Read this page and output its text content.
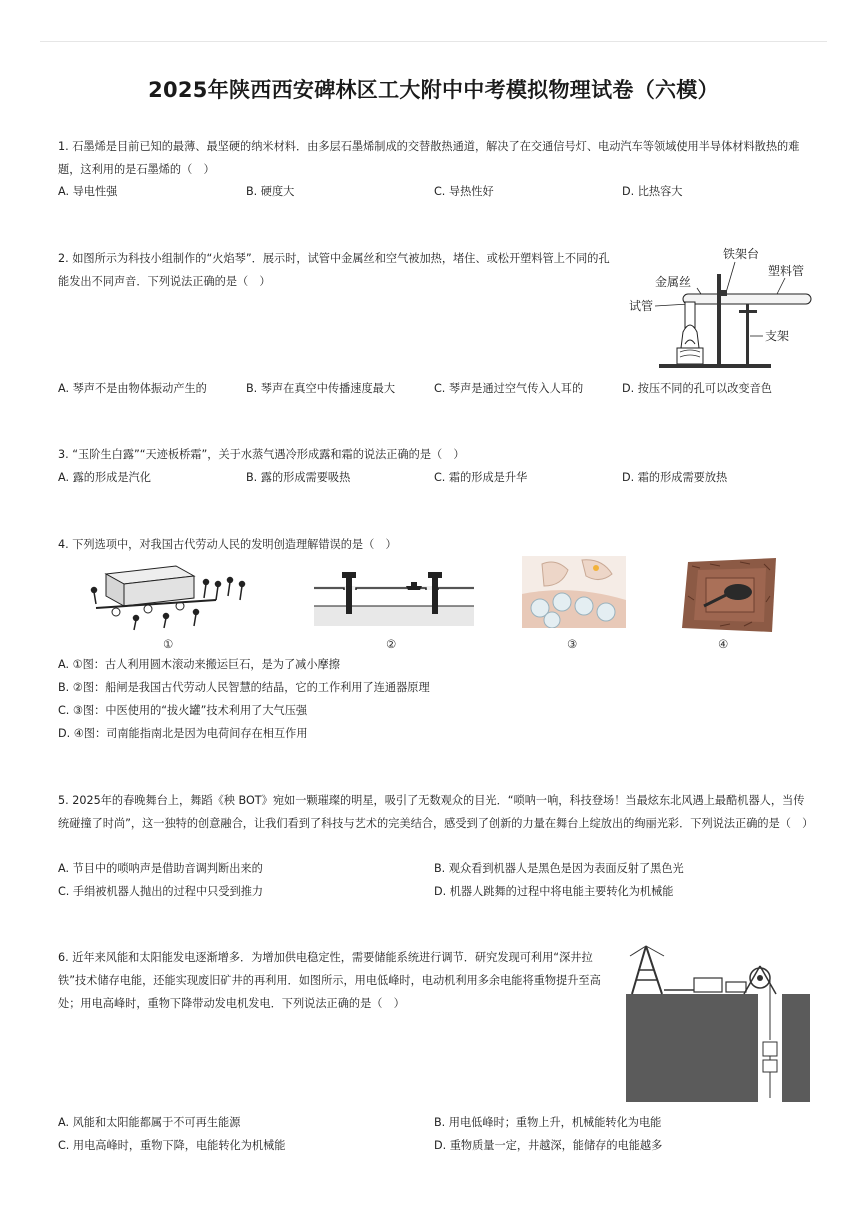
2025年陕西西安碑林区工大附中中考模拟物理试卷（六模）
1. 石墨烯是目前已知的最薄、最坚硬的纳米材料．由多层石墨烯制成的交替散热通道，解决了在交通信号灯、电动汽车等领域使用半导体材料散热的难题，这利用的是石墨烯的（　）
A. 导电性强	B. 硬度大	C. 导热性好	D. 比热容大
2. 如图所示为科技小组制作的“火焰琴”．展示时，试管中金属丝和空气被加热，堵住、或松开塑料管上不同的孔能发出不同声音．下列说法正确的是（　）
铁架台
塑料管
金属丝
试管
支架
A. 琴声不是由物体振动产生的	B. 琴声在真空中传播速度最大	C. 琴声是通过空气传入人耳的	D. 按压不同的孔可以改变音色
3. “玉阶生白露”“天迹板桥霜”，关于水蒸气遇冷形成露和霜的说法正确的是（　）
A. 露的形成是汽化	B. 露的形成需要吸热	C. 霜的形成是升华	D. 霜的形成需要放热
4. 下列选项中，对我国古代劳动人民的发明创造理解错误的是（　）
①	②	③	④
A. ①图：古人利用圆木滚动来搬运巨石，是为了减小摩擦
B. ②图：船闸是我国古代劳动人民智慧的结晶，它的工作利用了连通器原理
C. ③图：中医使用的“拔火罐”技术利用了大气压强
D. ④图：司南能指南北是因为电荷间存在相互作用
5. 2025年的春晚舞台上，舞蹈《秧 BOT》宛如一颗璀璨的明星，吸引了无数观众的目光．“唢呐一响，科技登场！当最炫东北风遇上最酷机器人，当传统碰撞了时尚”，这一独特的创意融合，让我们看到了科技与艺术的完美结合，感受到了创新的力量在舞台上绽放出的绚丽光彩．下列说法正确的是（　）
A. 节目中的唢呐声是借助音调判断出来的	B. 观众看到机器人是黑色是因为表面反射了黑色光
C. 手绢被机器人抛出的过程中只受到推力	D. 机器人跳舞的过程中将电能主要转化为机械能
6. 近年来风能和太阳能发电逐渐增多．为增加供电稳定性，需要储能系统进行调节．研究发现可利用“深井拉铁”技术储存电能，还能实现废旧矿井的再利用．如图所示，用电低峰时，电动机利用多余电能将重物提升至高处；用电高峰时，重物下降带动发电机发电．下列说法正确的是（　）
A. 风能和太阳能都属于不可再生能源	B. 用电低峰时；重物上升，机械能转化为电能
C. 用电高峰时，重物下降，电能转化为机械能	D. 重物质量一定，井越深，能储存的电能越多
